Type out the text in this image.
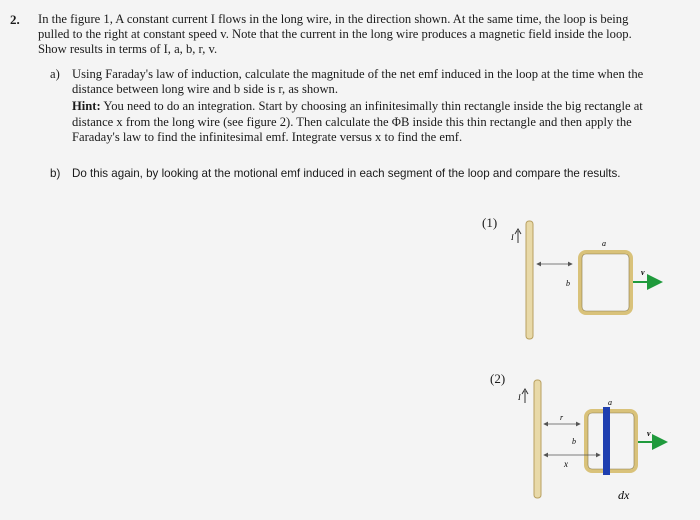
2. In the figure 1, A constant current I flows in the long wire, in the direction shown. At the same time, the loop is being pulled to the right at constant speed v. Note that the current in the long wire produces a magnetic field inside the loop. Show results in terms of I, a, b, r, v.
a) Using Faraday's law of induction, calculate the magnitude of the net emf induced in the loop at the time when the distance between long wire and b side is r, as shown.
Hint: You need to do an integration. Start by choosing an infinitesimally thin rectangle inside the big rectangle at distance x from the long wire (see figure 2). Then calculate the ΦB inside this thin rectangle and then apply the Faraday's law to find the infinitesimal emf. Integrate versus x to find the emf.
b) Do this again, by looking at the motional emf induced in each segment of the loop and compare the results.
(1)
(2)
I
a
b
v
I
r
a
b
x
v
dx
